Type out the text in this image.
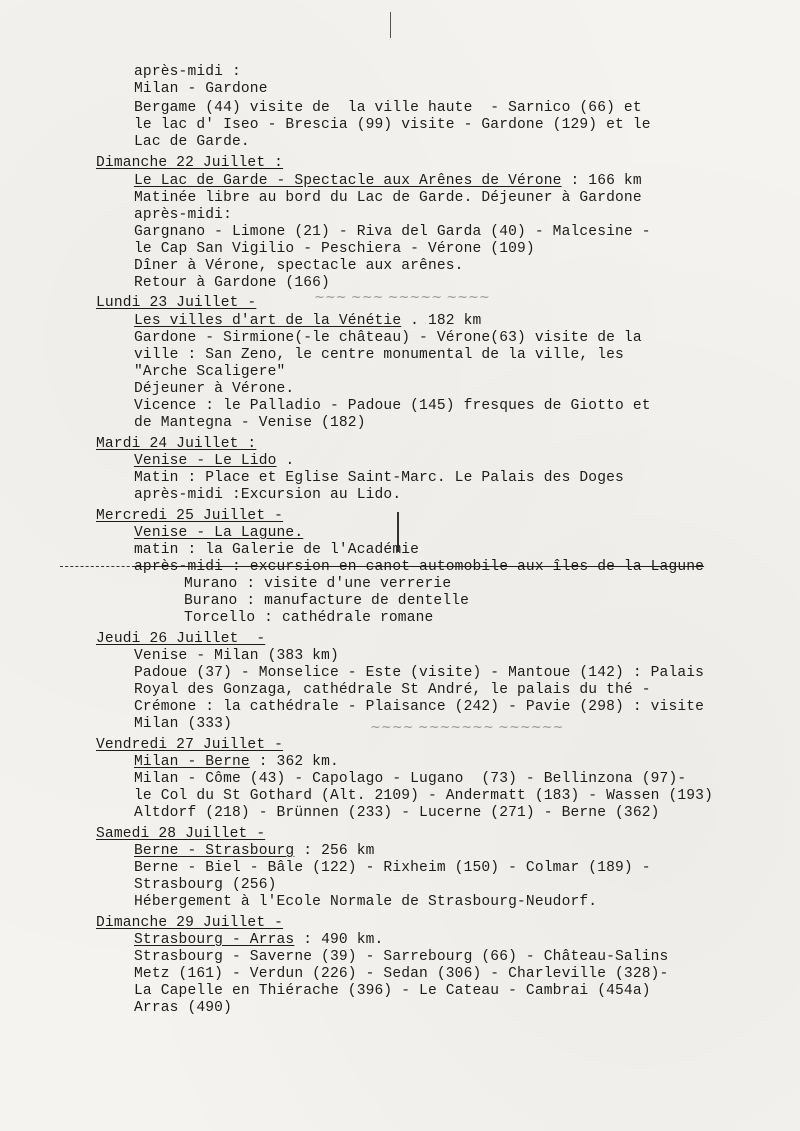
après-midi :
Milan - Gardone
Bergame (44) visite de  la ville haute  - Sarnico (66) et
le lac d' Iseo - Brescia (99) visite - Gardone (129) et le
Lac de Garde.
Dimanche 22 Juillet :
Le Lac de Garde - Spectacle aux Arênes de Vérone : 166 km
Matinée libre au bord du Lac de Garde. Déjeuner à Gardone
après-midi:
Gargnano - Limone (21) - Riva del Garda (40) - Malcesine -
le Cap San Vigilio - Peschiera - Vérone (109)
Dîner à Vérone, spectacle aux arênes.
Retour à Gardone (166)
Lundi 23 Juillet -
Les villes d'art de la Vénétie . 182 km
Gardone - Sirmione(-le château) - Vérone(63) visite de la
ville : San Zeno, le centre monumental de la ville, les
"Arche Scaligere"
Déjeuner à Vérone.
Vicence : le Palladio - Padoue (145) fresques de Giotto et
de Mantegna - Venise (182)
Mardi 24 Juillet :
Venise - Le Lido .
Matin : Place et Eglise Saint-Marc. Le Palais des Doges
après-midi :Excursion au Lido.
Mercredi 25 Juillet -
Venise - La Lagune.
matin : la Galerie de l'Académie
après-midi : excursion en canot automobile aux îles de la Lagune
Murano : visite d'une verrerie
Burano : manufacture de dentelle
Torcello : cathédrale romane
Jeudi 26 Juillet  -
Venise - Milan (383 km)
Padoue (37) - Monselice - Este (visite) - Mantoue (142) : Palais
Royal des Gonzaga, cathédrale St André, le palais du thé -
Crémone : la cathédrale - Plaisance (242) - Pavie (298) : visite
Milan (333)
Vendredi 27 Juillet -
Milan - Berne : 362 km.
Milan - Côme (43) - Capolago - Lugano  (73) - Bellinzona (97)-
le Col du St Gothard (Alt. 2109) - Andermatt (183) - Wassen (193)
Altdorf (218) - Brünnen (233) - Lucerne (271) - Berne (362)
Samedi 28 Juillet -
Berne - Strasbourg : 256 km
Berne - Biel - Bâle (122) - Rixheim (150) - Colmar (189) -
Strasbourg (256)
Hébergement à l'Ecole Normale de Strasbourg-Neudorf.
Dimanche 29 Juillet -
Strasbourg - Arras : 490 km.
Strasbourg - Saverne (39) - Sarrebourg (66) - Château-Salins
Metz (161) - Verdun (226) - Sedan (306) - Charleville (328)-
La Capelle en Thiérache (396) - Le Cateau - Cambrai (454a)
Arras (490)
~~~ ~~~ ~~~~~ ~~~~
~~~~ ~~~~~~~ ~~~~~~
